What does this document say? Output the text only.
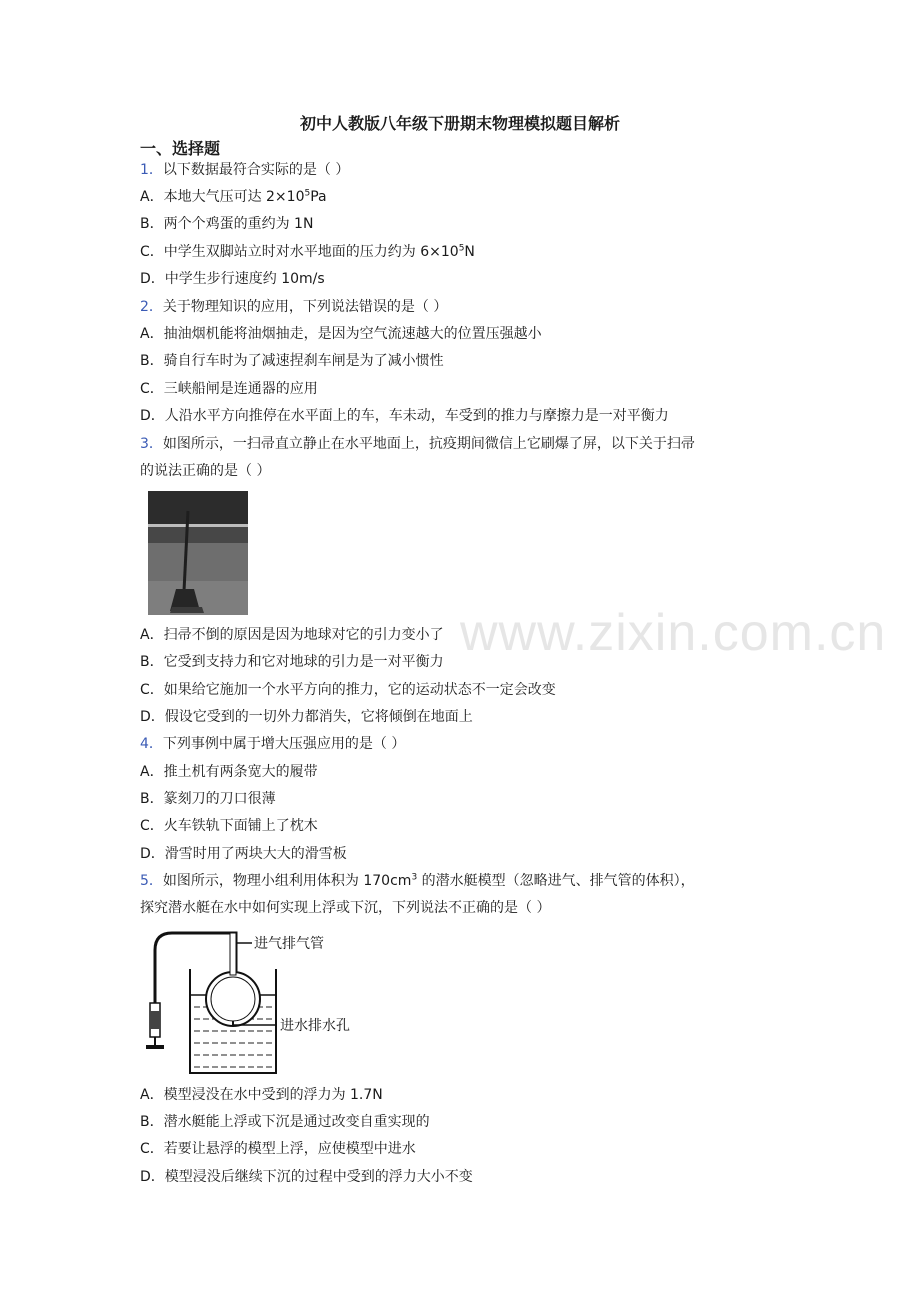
www.zixin.com.cn
初中人教版八年级下册期末物理模拟题目解析
一、选择题
1．以下数据最符合实际的是（ ）
A．本地大气压可达 $2\times 10^5Pa$
B．两个个鸡蛋的重约为 1N
C．中学生双脚站立时对水平地面的压力约为 $6\times 10^5N$
D．中学生步行速度约 10m/s
2．关于物理知识的应用，下列说法错误的是（ ）
A．抽油烟机能将油烟抽走，是因为空气流速越大的位置压强越小
B．骑自行车时为了减速捏刹车闸是为了减小惯性
C．三峡船闸是连通器的应用
D．人沿水平方向推停在水平面上的车，车未动，车受到的推力与摩擦力是一对平衡力
3．如图所示，一扫帚直立静止在水平地面上，抗疫期间微信上它刷爆了屏，以下关于扫帚
的说法正确的是（ ）
A．扫帚不倒的原因是因为地球对它的引力变小了
B．它受到支持力和它对地球的引力是一对平衡力
C．如果给它施加一个水平方向的推力，它的运动状态不一定会改变
D．假设它受到的一切外力都消失，它将倾倒在地面上
4．下列事例中属于增大压强应用的是（ ）
A．推土机有两条宽大的履带
B．篆刻刀的刀口很薄
C．火车铁轨下面铺上了枕木
D．滑雪时用了两块大大的滑雪板
5．如图所示，物理小组利用体积为 $170cm^3$ 的潜水艇模型（忽略进气、排气管的体积），
探究潜水艇在水中如何实现上浮或下沉，下列说法不正确的是（ ）
进气排气管
进水排水孔
A．模型浸没在水中受到的浮力为 1.7N
B．潜水艇能上浮或下沉是通过改变自重实现的
C．若要让悬浮的模型上浮，应使模型中进水
D．模型浸没后继续下沉的过程中受到的浮力大小不变
